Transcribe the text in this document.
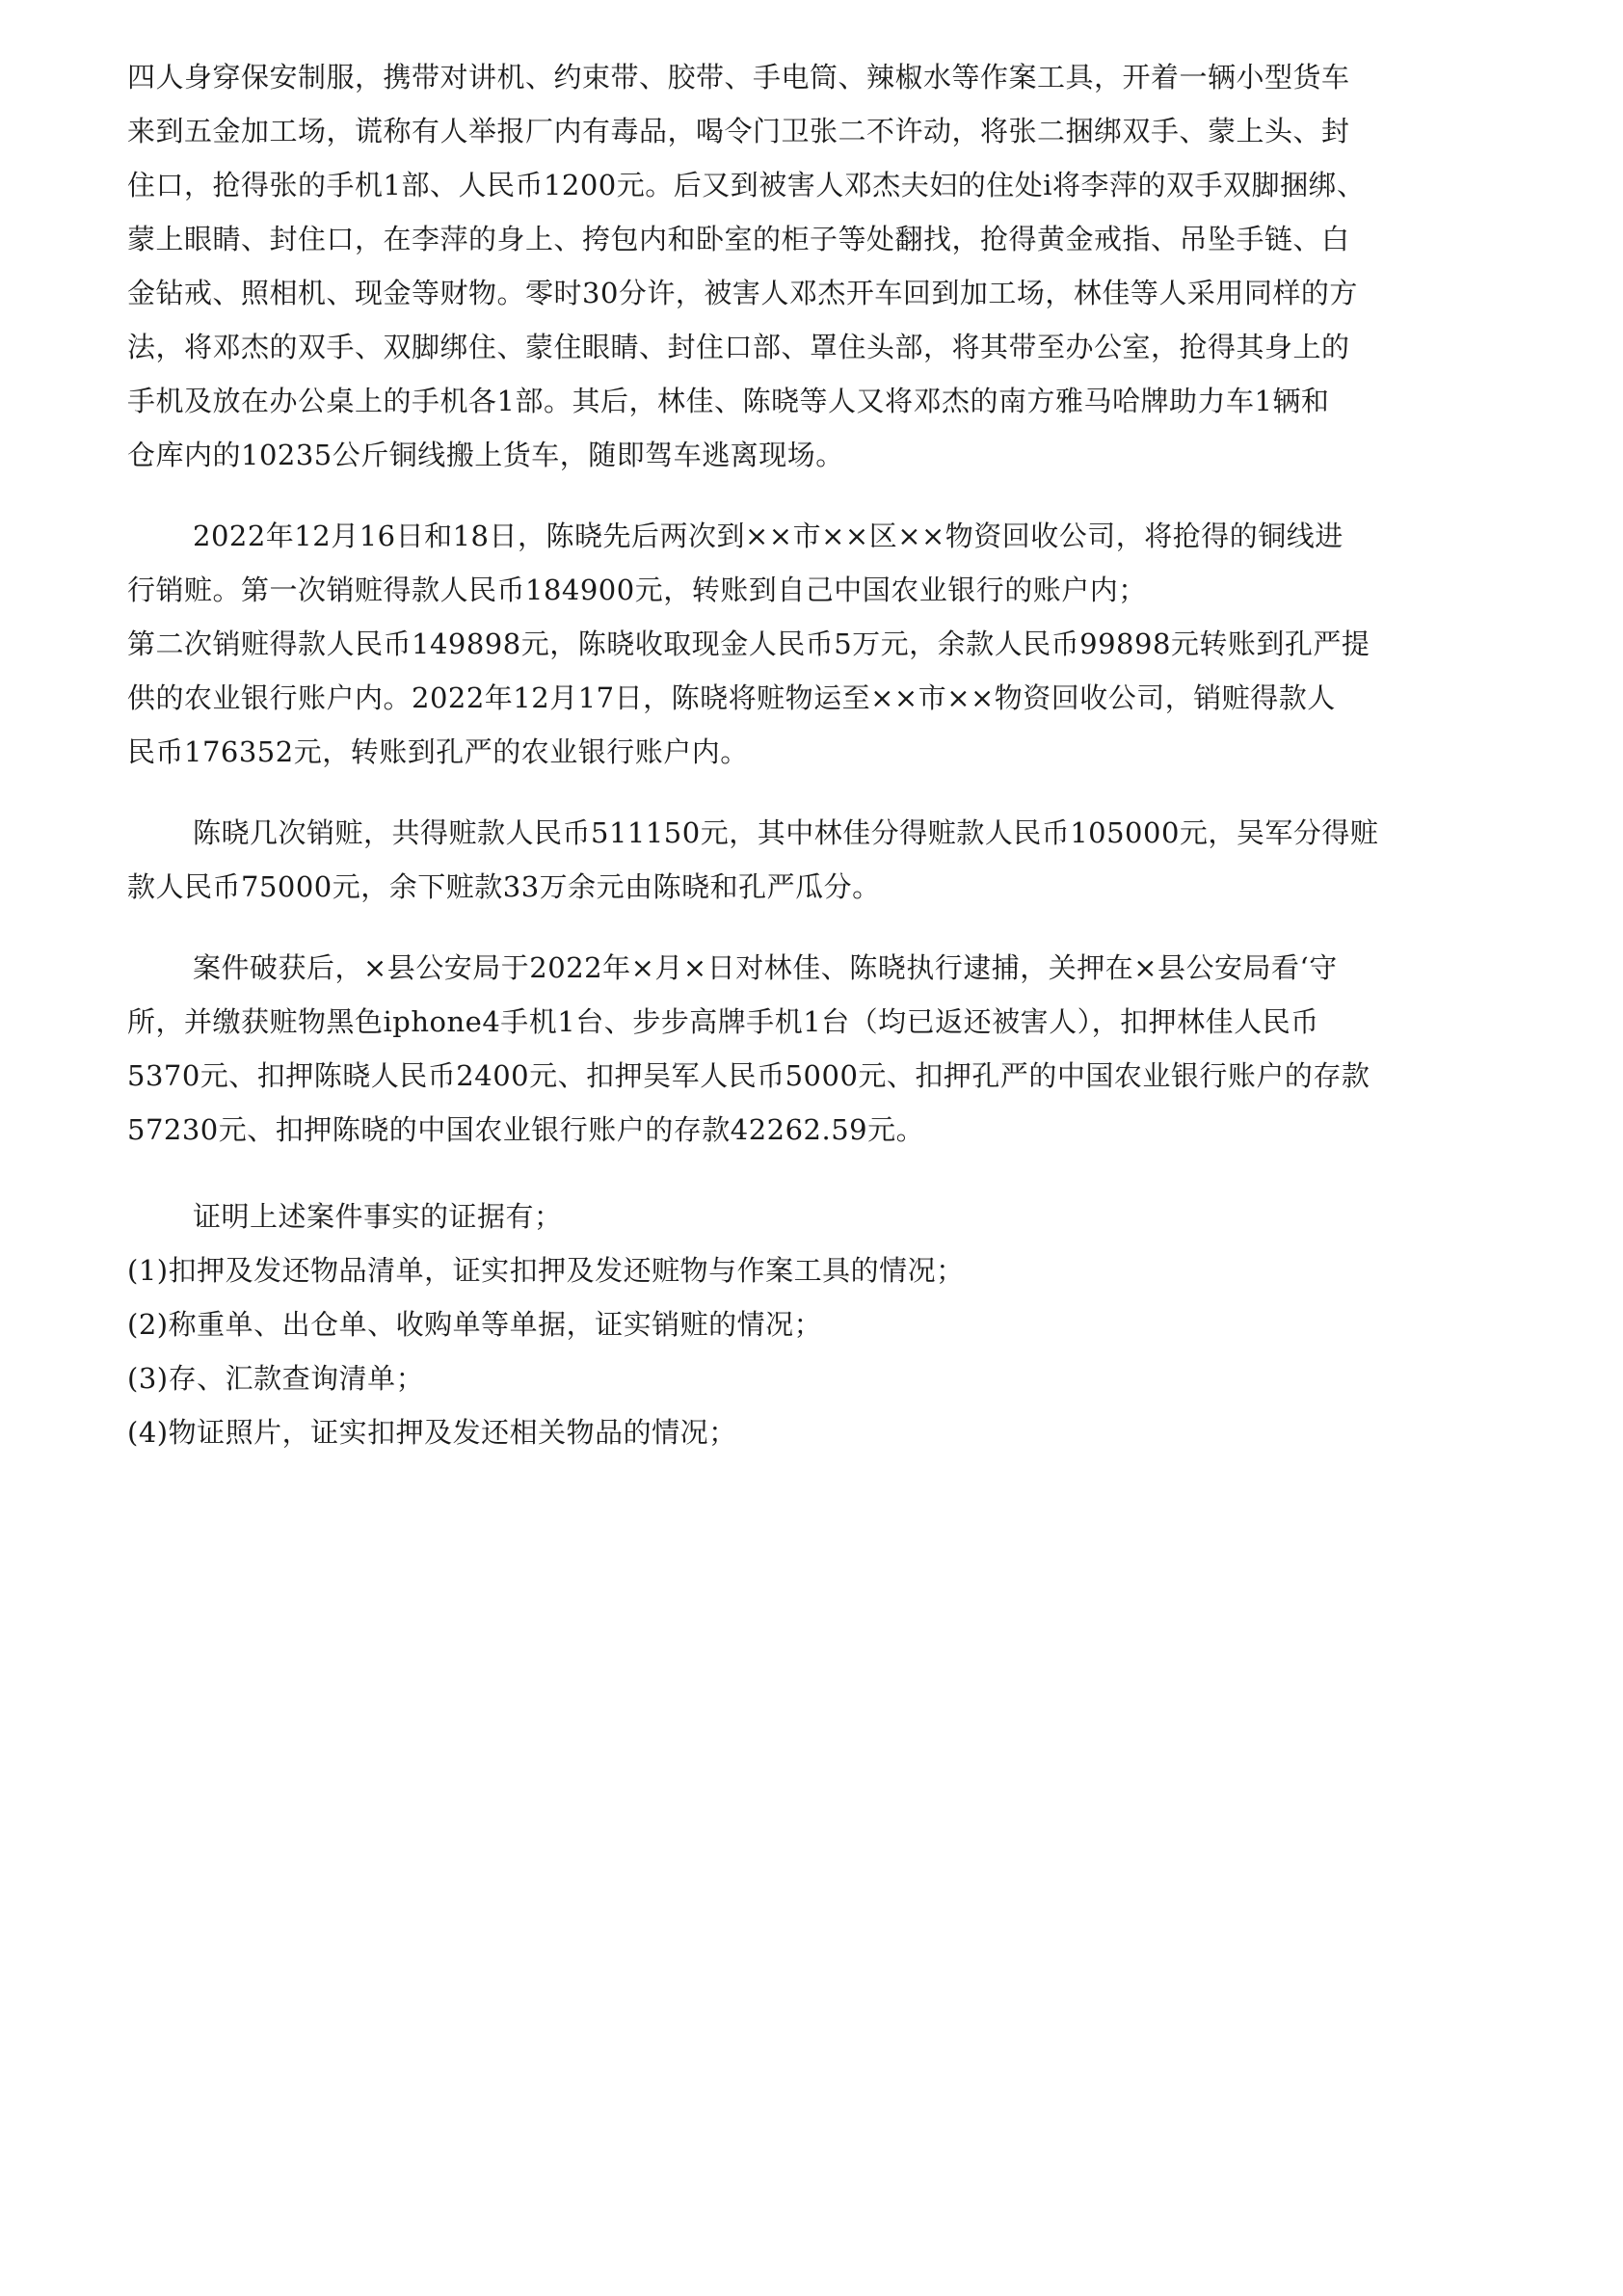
四人身穿保安制服，携带对讲机、约束带、胶带、手电筒、辣椒水等作案工具，开着一辆小型货车
来到五金加工场，谎称有人举报厂内有毒品，喝令门卫张二不许动，将张二捆绑双手、蒙上头、封
住口，抢得张的手机1部、人民币1200元。后又到被害人邓杰夫妇的住处i将李萍的双手双脚捆绑、
蒙上眼睛、封住口，在李萍的身上、挎包内和卧室的柜子等处翻找，抢得黄金戒指、吊坠手链、白
金钻戒、照相机、现金等财物。零时30分许，被害人邓杰开车回到加工场，林佳等人采用同样的方
法，将邓杰的双手、双脚绑住、蒙住眼睛、封住口部、罩住头部，将其带至办公室，抢得其身上的
手机及放在办公桌上的手机各1部。其后，林佳、陈晓等人又将邓杰的南方雅马哈牌助力车1辆和
仓库内的10235公斤铜线搬上货车，随即驾车逃离现场。
2022年12月16日和18日，陈晓先后两次到××市××区××物资回收公司，将抢得的铜线进
行销赃。第一次销赃得款人民币184900元，转账到自己中国农业银行的账户内；
第二次销赃得款人民币149898元，陈晓收取现金人民币5万元，余款人民币99898元转账到孔严提
供的农业银行账户内。2022年12月17日，陈晓将赃物运至××市××物资回收公司，销赃得款人
民币176352元，转账到孔严的农业银行账户内。
陈晓几次销赃，共得赃款人民币511150元，其中林佳分得赃款人民币105000元，吴军分得赃
款人民币75000元，余下赃款33万余元由陈晓和孔严瓜分。
案件破获后，×县公安局于2022年×月×日对林佳、陈晓执行逮捕，关押在×县公安局看‘守
所，并缴获赃物黑色iphone4手机1台、步步高牌手机1台（均已返还被害人），扣押林佳人民币
5370元、扣押陈晓人民币2400元、扣押吴军人民币5000元、扣押孔严的中国农业银行账户的存款
57230元、扣押陈晓的中国农业银行账户的存款42262.59元。
证明上述案件事实的证据有；
(1)扣押及发还物品清单，证实扣押及发还赃物与作案工具的情况；
(2)称重单、出仓单、收购单等单据，证实销赃的情况；
(3)存、汇款查询清单；
(4)物证照片，证实扣押及发还相关物品的情况；
